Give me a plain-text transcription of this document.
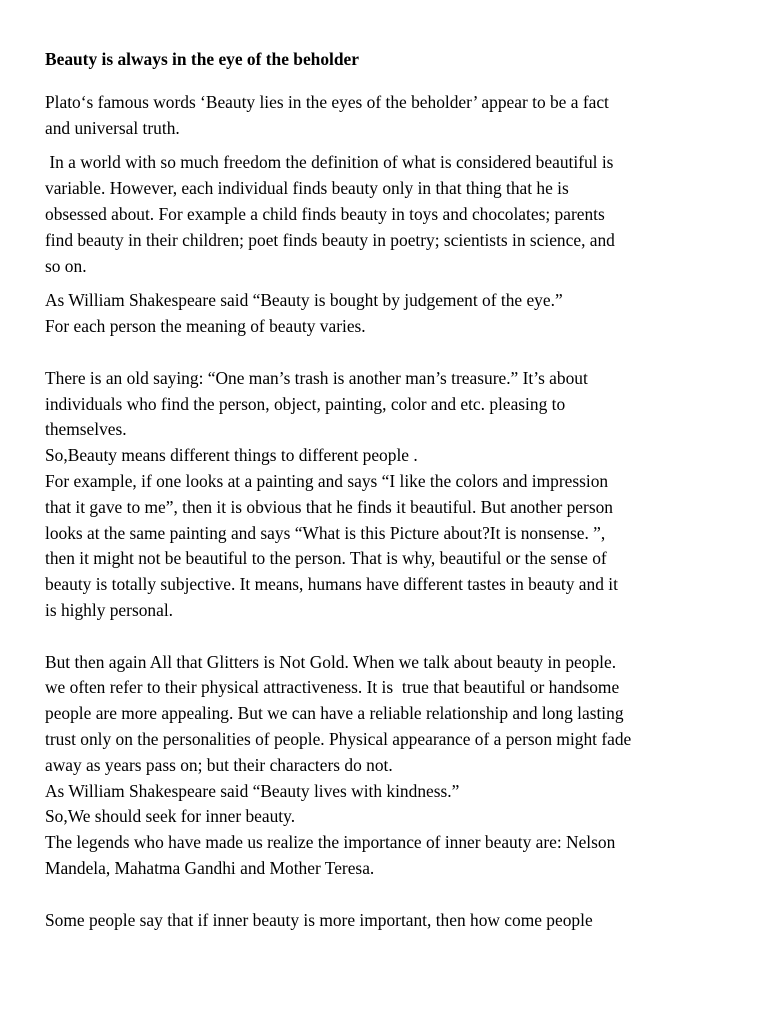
Beauty is always in the eye of the beholder
Plato‘s famous words ‘Beauty lies in the eyes of the beholder’ appear to be a fact
and universal truth.
In a world with so much freedom the definition of what is considered beautiful is
variable. However, each individual finds beauty only in that thing that he is
obsessed about. For example a child finds beauty in toys and chocolates; parents
find beauty in their children; poet finds beauty in poetry; scientists in science, and
so on.
As William Shakespeare said “Beauty is bought by judgement of the eye.”
For each person the meaning of beauty varies.
There is an old saying: “One man’s trash is another man’s treasure.” It’s about
individuals who find the person, object, painting, color and etc. pleasing to
themselves.
So,Beauty means different things to different people .
For example, if one looks at a painting and says “I like the colors and impression
that it gave to me”, then it is obvious that he finds it beautiful. But another person
looks at the same painting and says “What is this Picture about?It is nonsense. ”,
then it might not be beautiful to the person. That is why, beautiful or the sense of
beauty is totally subjective. It means, humans have different tastes in beauty and it
is highly personal.
But then again All that Glitters is Not Gold. When we talk about beauty in people.
we often refer to their physical attractiveness. It is  true that beautiful or handsome
people are more appealing. But we can have a reliable relationship and long lasting
trust only on the personalities of people. Physical appearance of a person might fade
away as years pass on; but their characters do not.
As William Shakespeare said “Beauty lives with kindness.”
So,We should seek for inner beauty.
The legends who have made us realize the importance of inner beauty are: Nelson
Mandela, Mahatma Gandhi and Mother Teresa.
Some people say that if inner beauty is more important, then how come people
